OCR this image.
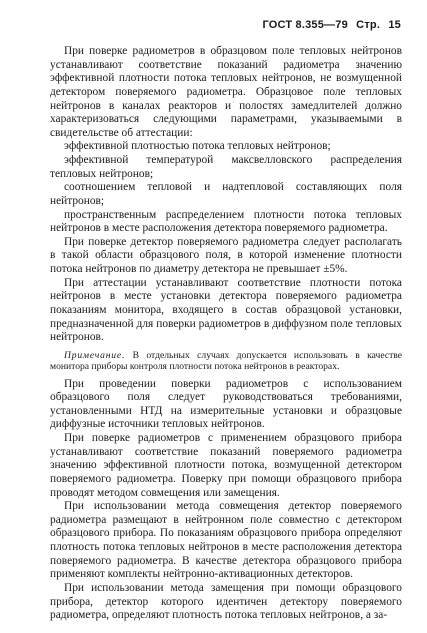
ГОСТ 8.355—79 Стр. 15

При поверке радиометров в образцовом поле тепловых нейтронов устанавливают соответствие показаний радиометра значению эффективной плотности потока тепловых нейтронов, не возмущенной детектором поверяемого радиометра. Образцовое поле тепловых нейтронов в каналах реакторов и полостях замедлителей должно характеризоваться следующими параметрами, указываемыми в свидетельстве об аттестации:

эффективной плотностью потока тепловых нейтронов;

эффективной температурой максвелловского распределения тепловых нейтронов;

соотношением тепловой и надтепловой составляющих поля нейтронов;

пространственным распределением плотности потока тепловых нейтронов в месте расположения детектора поверяемого радиометра.

При поверке детектор поверяемого радиометра следует располагать в такой области образцового поля, в которой изменение плотности потока нейтронов по диаметру детектора не превышает ±5%.

При аттестации устанавливают соответствие плотности потока нейтронов в месте установки детектора поверяемого радиометра показаниям монитора, входящего в состав образцовой установки, предназначенной для поверки радиометров в диффузном поле тепловых нейтронов.

Примечание. В отдельных случаях допускается использовать в качестве монитора приборы контроля плотности потока нейтронов в реакторах.

При проведении поверки радиометров с использованием образцового поля следует руководствоваться требованиями, установленными НТД на измерительные установки и образцовые диффузные источники тепловых нейтронов.

При поверке радиометров с применением образцового прибора устанавливают соответствие показаний поверяемого радиометра значению эффективной плотности потока, возмущенной детектором поверяемого радиометра. Поверку при помощи образцового прибора проводят методом совмещения или замещения.

При использовании метода совмещения детектор поверяемого радиометра размещают в нейтронном поле совместно с детектором образцового прибора. По показаниям образцового прибора определяют плотность потока тепловых нейтронов в месте расположения детектора поверяемого радиометра. В качестве детектора образцового прибора применяют комплекты нейтронно-активационных детекторов.

При использовании метода замещения при помощи образцового прибора, детектор которого идентичен детектору поверяемого радиометра, определяют плотность потока тепловых нейтронов, а за-
